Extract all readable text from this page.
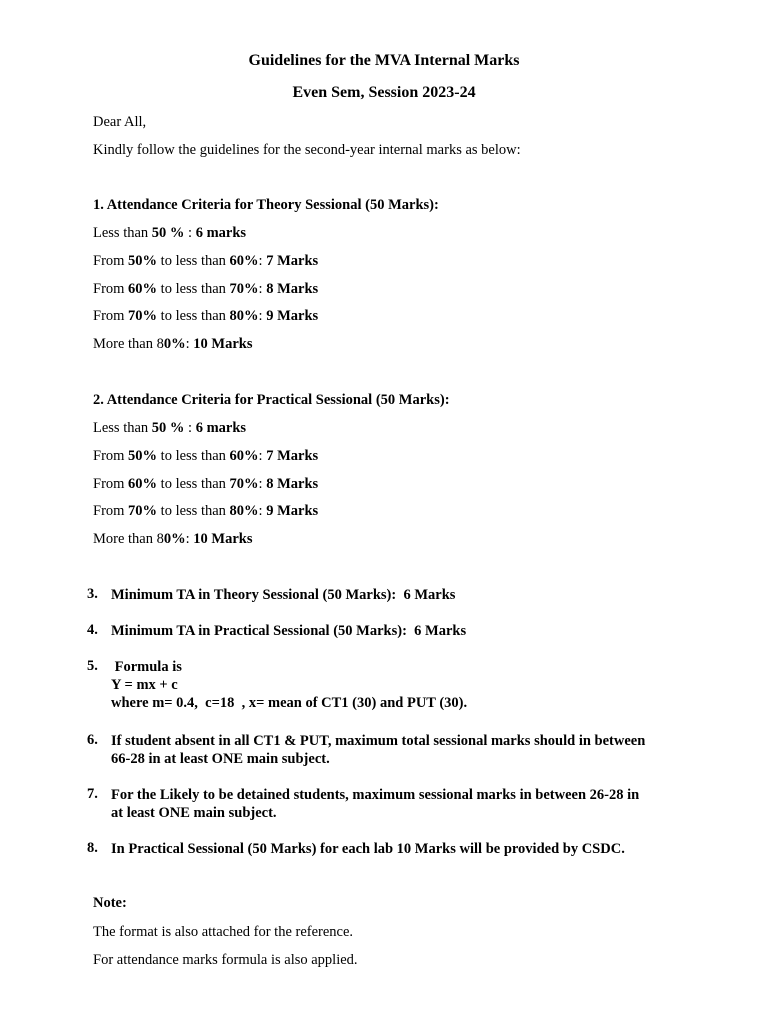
Guidelines for the MVA Internal Marks
Even Sem, Session 2023-24
Dear All,
Kindly follow the guidelines for the second-year internal marks as below:
1. Attendance Criteria for Theory Sessional (50 Marks):
Less than 50 % : 6 marks
From 50% to less than 60%: 7 Marks
From 60% to less than 70%: 8 Marks
From 70% to less than 80%: 9 Marks
More than 80%: 10 Marks
2. Attendance Criteria for Practical Sessional (50 Marks):
Less than 50 % : 6 marks
From 50% to less than 60%: 7 Marks
From 60% to less than 70%: 8 Marks
From 70% to less than 80%: 9 Marks
More than 80%: 10 Marks
3. Minimum TA in Theory Sessional (50 Marks):  6 Marks
4. Minimum TA in Practical Sessional (50 Marks):  6 Marks
5. Formula is
Y = mx + c
where m= 0.4,  c=18  , x= mean of CT1 (30) and PUT (30).
6. If student absent in all CT1 & PUT, maximum total sessional marks should in between
66-28 in at least ONE main subject.
7. For the Likely to be detained students, maximum sessional marks in between 26-28 in
at least ONE main subject.
8. In Practical Sessional (50 Marks) for each lab 10 Marks will be provided by CSDC.
Note:
The format is also attached for the reference.
For attendance marks formula is also applied.
